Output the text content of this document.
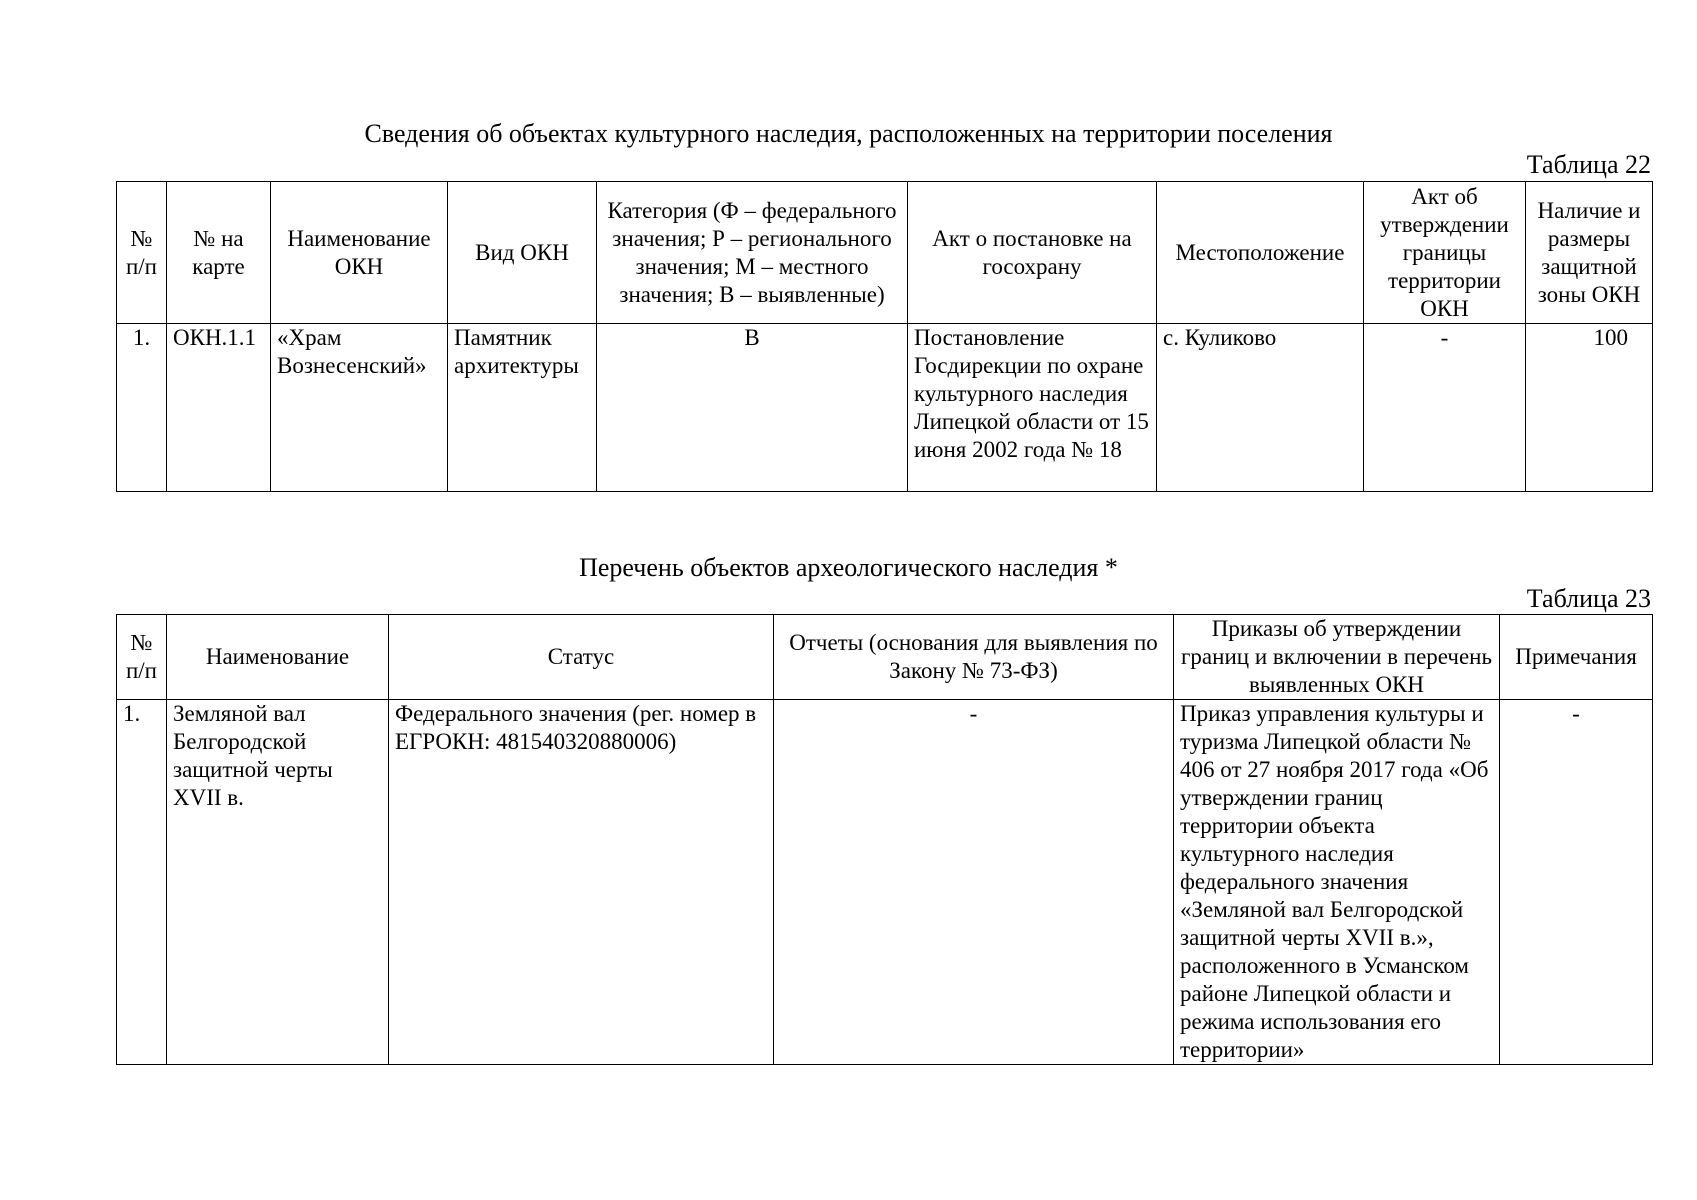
Сведения об объектах культурного наследия, расположенных на территории поселения
Таблица 22
№ п/п	№ на карте	Наименование ОКН	Вид ОКН	Категория (Ф – федерального значения; Р – регионального значения; М – местного значения; В – выявленные)	Акт о постановке на госохрану	Местоположение	Акт об утверждении границы территории ОКН	Наличие и размеры защитной зоны ОКН
1.	ОКН.1.1	«Храм Вознесенский»	Памятник архитектуры	В	Постановление Госдирекции по охране культурного наследия Липецкой области от 15 июня 2002 года № 18	с. Куликово	-	100
Перечень объектов археологического наследия *
Таблица 23
№ п/п	Наименование	Статус	Отчеты (основания для выявления по Закону № 73-ФЗ)	Приказы об утверждении границ и включении в перечень выявленных ОКН	Примечания
1.	Земляной вал Белгородской защитной черты XVII в.	Федерального значения (рег. номер в ЕГРОКН: 481540320880006)	-	Приказ управления культуры и туризма Липецкой области № 406 от 27 ноября 2017 года «Об утверждении границ территории объекта культурного наследия федерального значения «Земляной вал Белгородской защитной черты XVII в.», расположенного в Усманском районе Липецкой области и режима использования его территории»	-
